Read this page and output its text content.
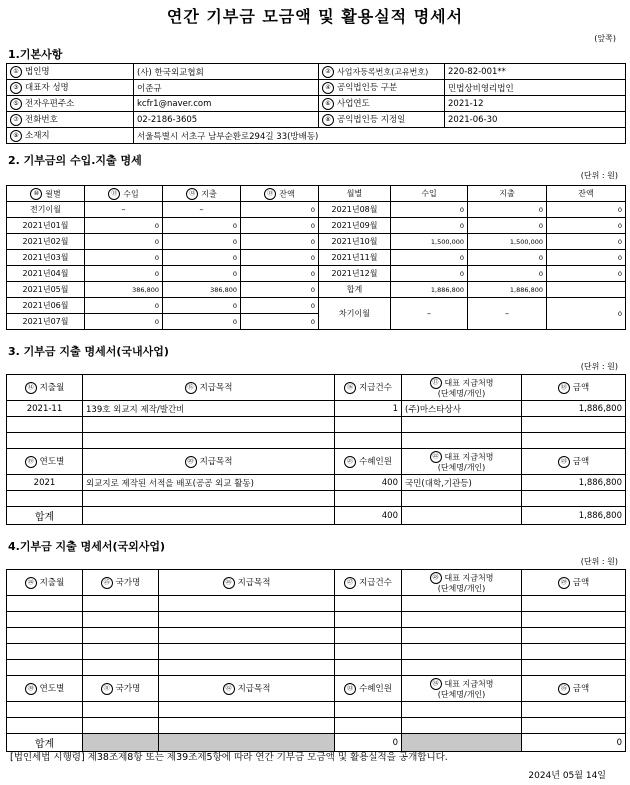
연간 기부금 모금액 및 활용실적 명세서
(앞쪽)
1.기본사항
① 법인명	(사) 한국외교협회	② 사업자등록번호(고유번호)	220-82-001**
③ 대표자 성명	이준규	④ 공익법인등 구분	민법상비영리법인
⑤ 전자우편주소	kcfr1@naver.com	⑥ 사업연도	2021-12
⑦ 전화번호	02-2186-3605	⑧ 공익법인등 지정일	2021-06-30
⑨ 소재지	서울특별시 서초구 남부순환로294길 33(방배동)		
2. 기부금의 수입.지출 명세
(단위 : 원)
⑩ 월별	⑪ 수입	⑫ 지출	⑬ 잔액	월별	수입	지출	잔액
전기이월	–	–	0	2021년08월	0	0	0
2021년01월	0	0	0	2021년09월	0	0	0
2021년02월	0	0	0	2021년10월	1,500,000	1,500,000	0
2021년03월	0	0	0	2021년11월	0	0	0
2021년04월	0	0	0	2021년12월	0	0	0
2021년05월	386,800	386,800	0	합계	1,886,800	1,886,800	
2021년06월	0	0	0	차기이월	–	–	0
2021년07월	0	0	0				
3. 기부금 지출 명세서(국내사업)
(단위 : 원)
⑭ 지출월	⑮ 지급목적	⑯ 지급건수	⑰ 대표 지급처명
(단체명/개인)	⑱ 금액
2021-11	139호 외교지 제작/발간비	1	(주)마스타상사	1,886,800

⑲ 연도별	⑳ 지급목적	㉑ 수혜인원	㉒ 대표 지급처명
(단체명/개인)	㉓ 금액
2021	외교지로 제작된 서적을 배포(공공 외교 활동)	400	국민(대학,기관등)	1,886,800

합계		400		1,886,800
4.기부금 지출 명세서(국외사업)
(단위 : 원)
㉔ 지출월	㉕ 국가명	㉖ 지급목적	㉗ 지급건수	㉘ 대표 지급처명
(단체명/개인)	㉙ 금액

㉚ 연도별	㉛ 국가명	㉜ 지급목적	㉝ 수혜인원	㉞ 대표 지급처명
(단체명/개인)	㉟ 금액

합계			0		0
[법인세법 시행령] 제38조제8항 또는 제39조제5항에 따라 연간 기부금 모금액 및 활용실적을 공개합니다.
2024년 05월 14일
